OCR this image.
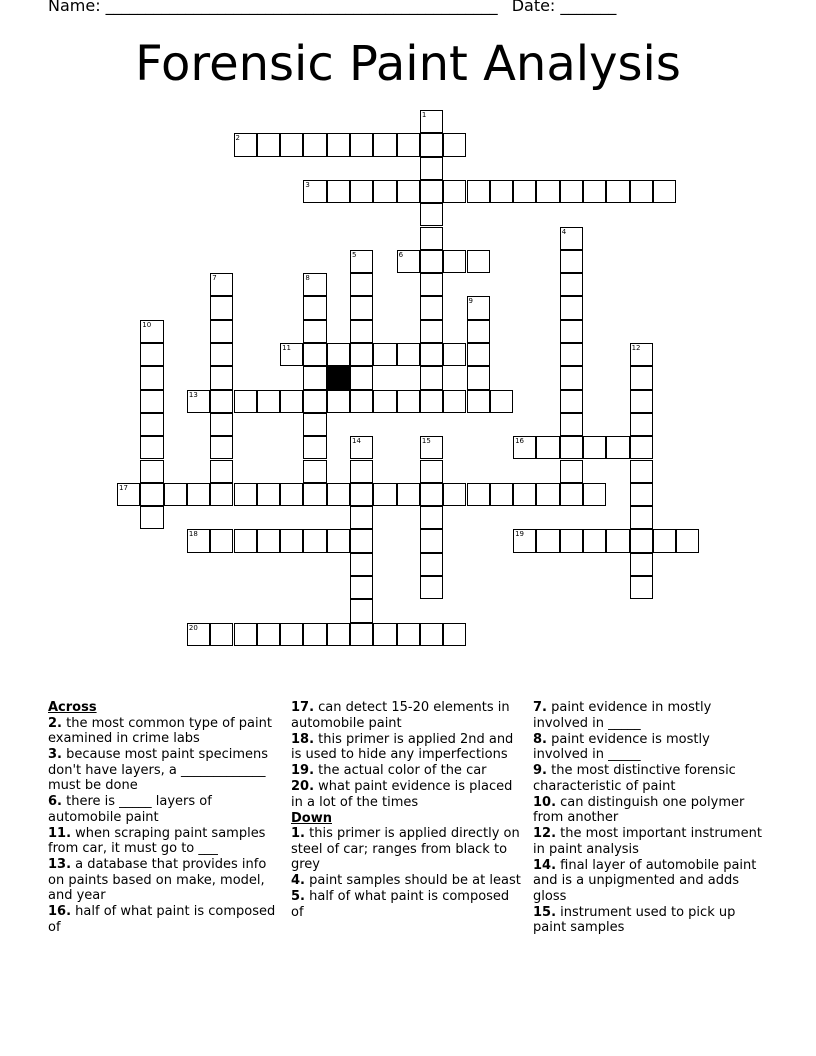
Name: _________________________________________________ Date: _______
Forensic Paint Analysis
1
2
3
4
5	6
7	8
9
10
11	12
13
14	15	16
17
18	19
20
Across
2. the most common type of paint examined in crime labs
3. because most paint specimens don't have layers, a _____________ must be done
6. there is _____ layers of automobile paint
11. when scraping paint samples from car, it must go to ___
13. a database that provides info on paints based on make, model, and year
16. half of what paint is composed of
17. can detect 15-20 elements in automobile paint
18. this primer is applied 2nd and is used to hide any imperfections
19. the actual color of the car
20. what paint evidence is placed in a lot of the times
Down
1. this primer is applied directly on steel of car; ranges from black to grey
4. paint samples should be at least
5. half of what paint is composed of
7. paint evidence in mostly involved in _____
8. paint evidence is mostly involved in _____
9. the most distinctive forensic characteristic of paint
10. can distinguish one polymer from another
12. the most important instrument in paint analysis
14. final layer of automobile paint and is a unpigmented and adds gloss
15. instrument used to pick up paint samples
